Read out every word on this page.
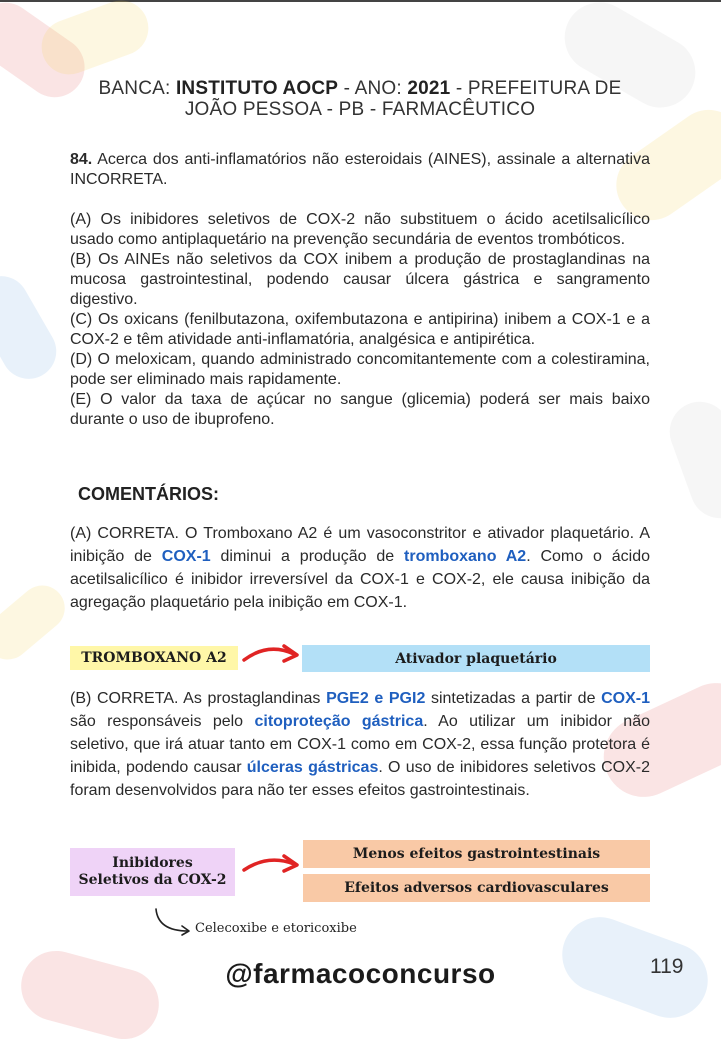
BANCA: INSTITUTO AOCP - ANO: 2021 - PREFEITURA DE
JOÃO PESSOA - PB - FARMACÊUTICO

84. Acerca dos anti-inflamatórios não esteroidais (AINES), assinale a alternativa INCORRETA.

(A) Os inibidores seletivos de COX-2 não substituem o ácido acetilsalicílico usado como antiplaquetário na prevenção secundária de eventos trombóticos.

(B) Os AINEs não seletivos da COX inibem a produção de prostaglandinas na mucosa gastrointestinal, podendo causar úlcera gástrica e sangramento digestivo.

(C) Os oxicans (fenilbutazona, oxifembutazona e antipirina) inibem a COX-1 e a COX-2 e têm atividade anti-inflamatória, analgésica e antipirética.

(D) O meloxicam, quando administrado concomitantemente com a colestiramina, pode ser eliminado mais rapidamente.

(E) O valor da taxa de açúcar no sangue (glicemia) poderá ser mais baixo durante o uso de ibuprofeno.

COMENTÁRIOS:

(A) CORRETA. O Tromboxano A2 é um vasoconstritor e ativador plaquetário. A inibição de COX-1 diminui a produção de tromboxano A2. Como o ácido acetilsalicílico é inibidor irreversível da COX-1 e COX-2, ele causa inibição da agregação plaquetário pela inibição em COX-1.

TROMBOXANO A2	Ativador plaquetário

(B) CORRETA. As prostaglandinas PGE2 e PGI2 sintetizadas a partir de COX-1 são responsáveis pelo citoproteção gástrica. Ao utilizar um inibidor não seletivo, que irá atuar tanto em COX-1 como em COX-2, essa função protetora é inibida, podendo causar úlceras gástricas. O uso de inibidores seletivos COX-2 foram desenvolvidos para não ter esses efeitos gastrointestinais.

Inibidores
Seletivos da COX-2
Menos efeitos gastrointestinais
Efeitos adversos cardiovasculares
Celecoxibe e etoricoxibe
119
@farmacoconcurso
